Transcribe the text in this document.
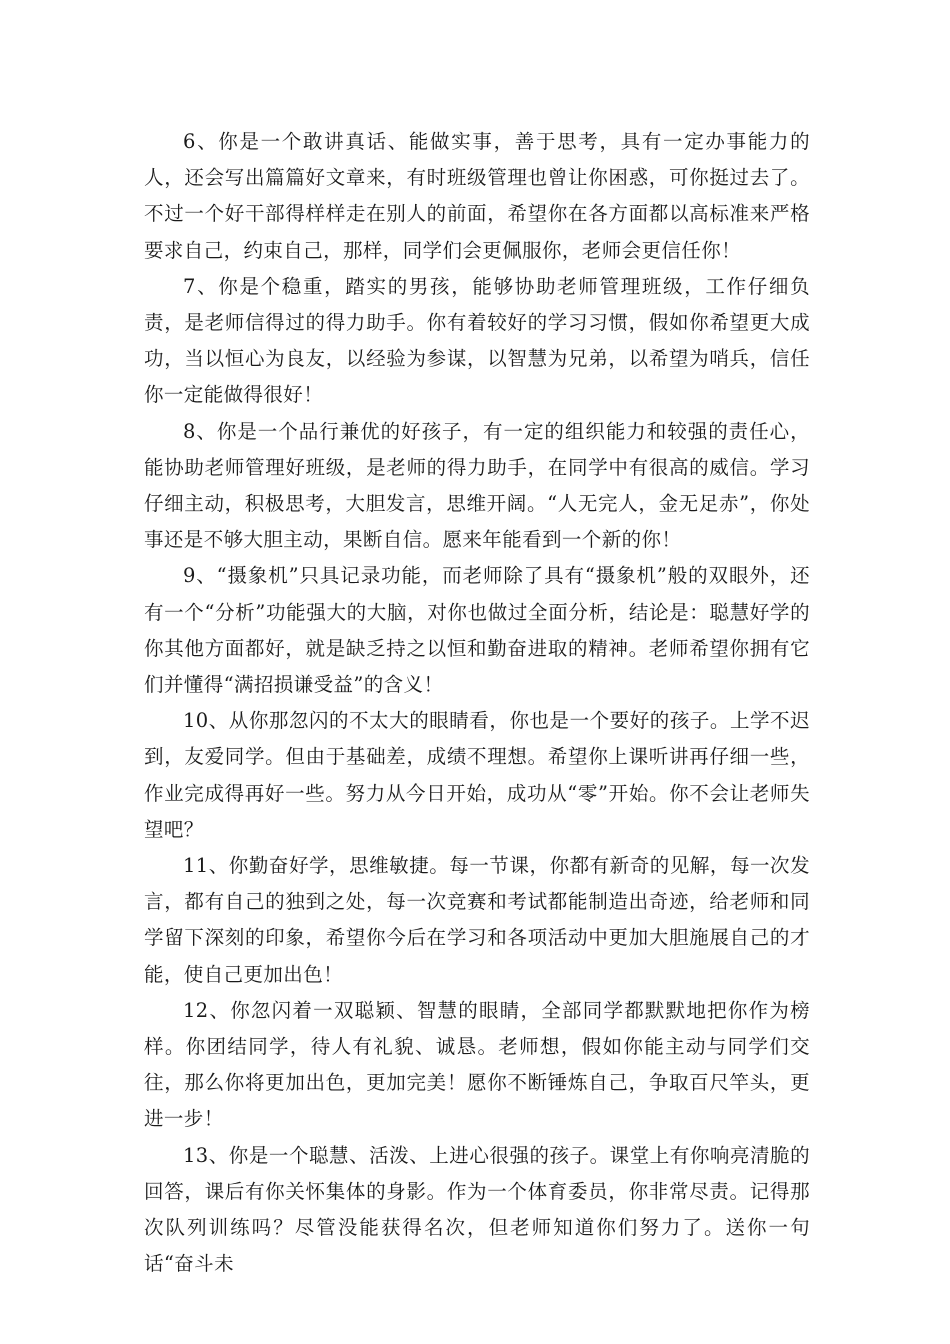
6、你是一个敢讲真话、能做实事，善于思考，具有一定办事能力的人，还会写出篇篇好文章来，有时班级管理也曾让你困惑，可你挺过去了。不过一个好干部得样样走在别人的前面，希望你在各方面都以高标准来严格要求自己，约束自己，那样，同学们会更佩服你，老师会更信任你！

7、你是个稳重，踏实的男孩，能够协助老师管理班级，工作仔细负责，是老师信得过的得力助手。你有着较好的学习习惯，假如你希望更大成功，当以恒心为良友，以经验为参谋，以智慧为兄弟，以希望为哨兵，信任你一定能做得很好！

8、你是一个品行兼优的好孩子，有一定的组织能力和较强的责任心，能协助老师管理好班级，是老师的得力助手，在同学中有很高的威信。学习仔细主动，积极思考，大胆发言，思维开阔。“人无完人，金无足赤”，你处事还是不够大胆主动，果断自信。愿来年能看到一个新的你！

9、“摄象机”只具记录功能，而老师除了具有“摄象机”般的双眼外，还有一个“分析”功能强大的大脑，对你也做过全面分析，结论是：聪慧好学的你其他方面都好，就是缺乏持之以恒和勤奋进取的精神。老师希望你拥有它们并懂得“满招损谦受益”的含义！

10、从你那忽闪的不太大的眼睛看，你也是一个要好的孩子。上学不迟到，友爱同学。但由于基础差，成绩不理想。希望你上课听讲再仔细一些，作业完成得再好一些。努力从今日开始，成功从“零”开始。你不会让老师失望吧？

11、你勤奋好学，思维敏捷。每一节课，你都有新奇的见解，每一次发言，都有自己的独到之处，每一次竞赛和考试都能制造出奇迹，给老师和同学留下深刻的印象，希望你今后在学习和各项活动中更加大胆施展自己的才能，使自己更加出色！

12、你忽闪着一双聪颖、智慧的眼睛，全部同学都默默地把你作为榜样。你团结同学，待人有礼貌、诚恳。老师想，假如你能主动与同学们交往，那么你将更加出色，更加完美！愿你不断锤炼自己，争取百尺竿头，更进一步！

13、你是一个聪慧、活泼、上进心很强的孩子。课堂上有你响亮清脆的回答，课后有你关怀集体的身影。作为一个体育委员，你非常尽责。记得那次队列训练吗？尽管没能获得名次，但老师知道你们努力了。送你一句话“奋斗未
